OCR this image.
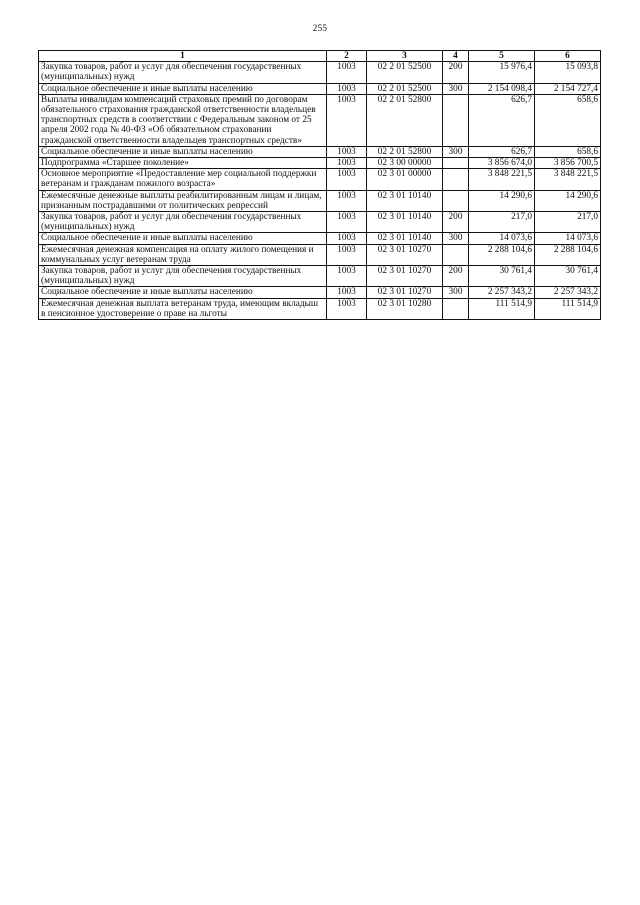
255
1	2	3	4	5	6
Закупка товаров, работ и услуг для обеспечения государственных (муниципальных) нужд	1003	02 2 01 52500	200	15 976,4	15 093,8
Социальное обеспечение и иные выплаты населению	1003	02 2 01 52500	300	2 154 098,4	2 154 727,4
Выплаты инвалидам компенсаций страховых премий по договорам обязательного страхования гражданской ответственности владельцев транспортных средств в соответствии с Федеральным законом от 25 апреля 2002 года № 40-ФЗ «Об обязательном страховании гражданской ответственности владельцев транспортных средств»	1003	02 2 01 52800		626,7	658,6
Социальное обеспечение и иные выплаты населению	1003	02 2 01 52800	300	626,7	658,6
Подпрограмма «Старшее поколение»	1003	02 3 00 00000		3 856 674,0	3 856 700,5
Основное мероприятие «Предоставление мер социальной поддержки ветеранам и гражданам пожилого возраста»	1003	02 3 01 00000		3 848 221,5	3 848 221,5
Ежемесячные денежные выплаты реабилитированным лицам и лицам, признанным пострадавшими от политических репрессий	1003	02 3 01 10140		14 290,6	14 290,6
Закупка товаров, работ и услуг для обеспечения государственных (муниципальных) нужд	1003	02 3 01 10140	200	217,0	217,0
Социальное обеспечение и иные выплаты населению	1003	02 3 01 10140	300	14 073,6	14 073,6
Ежемесячная денежная компенсация на оплату жилого помещения и коммунальных услуг ветеранам труда	1003	02 3 01 10270		2 288 104,6	2 288 104,6
Закупка товаров, работ и услуг для обеспечения государственных (муниципальных) нужд	1003	02 3 01 10270	200	30 761,4	30 761,4
Социальное обеспечение и иные выплаты населению	1003	02 3 01 10270	300	2 257 343,2	2 257 343,2
Ежемесячная денежная выплата ветеранам труда, имеющим вкладыш в пенсионное удостоверение о праве на льготы	1003	02 3 01 10280		111 514,9	111 514,9
